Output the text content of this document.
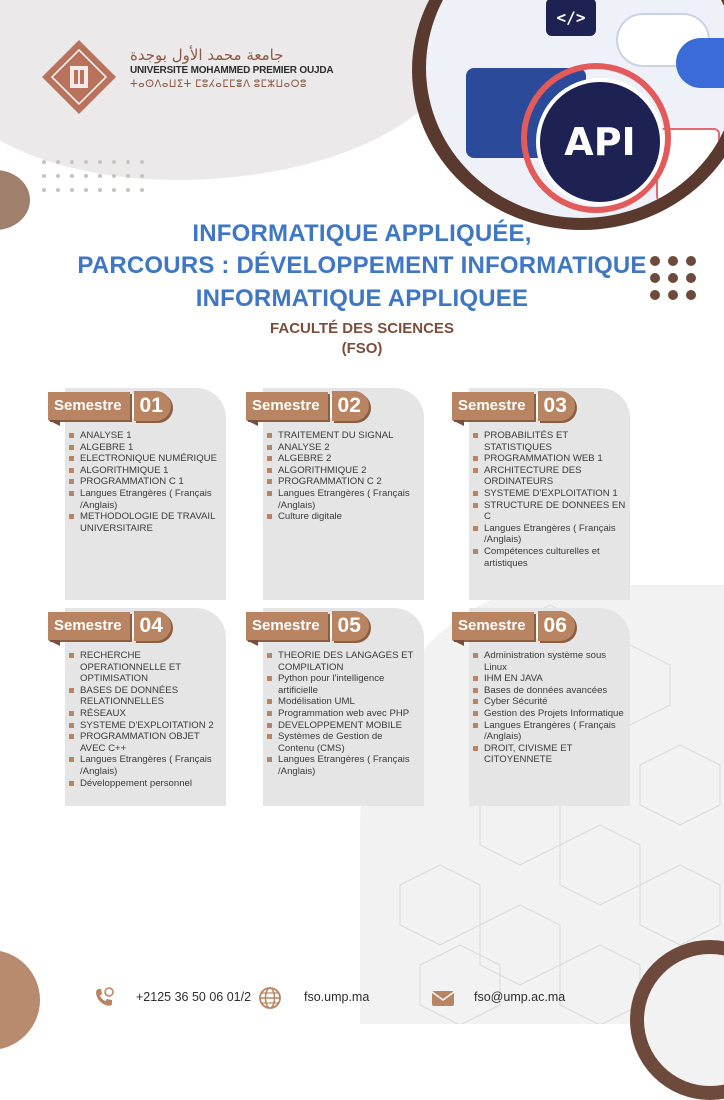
</>
API
جامعة محمد الأول بوجدة
UNIVERSITE MOHAMMED PREMIER OUJDA
ⵜⴰⵙⴷⴰⵡⵉⵜ ⵎⵓⵃⴰⵎⵎⴻⴷ ⵓⵎⵣⵡⴰⵔⵓ
INFORMATIQUE APPLIQUÉE,
PARCOURS : DÉVELOPPEMENT INFORMATIQUE
INFORMATIQUE APPLIQUEE
FACULTÉ DES SCIENCES
(FSO)
Semestre 01
ANALYSE 1
ALGEBRE 1
ELECTRONIQUE NUMÉRIQUE
ALGORITHMIQUE 1
PROGRAMMATION C 1
Langues Etrangères ( Français /Anglais)
METHODOLOGIE DE TRAVAIL UNIVERSITAIRE
Semestre 02
TRAITEMENT DU SIGNAL
ANALYSE 2
ALGEBRE 2
ALGORITHMIQUE 2
PROGRAMMATION C 2
Langues Etrangères ( Français /Anglais)
Culture digitale
Semestre 03
PROBABILITÉS ET STATISTIQUES
PROGRAMMATION WEB 1
ARCHITECTURE DES ORDINATEURS
SYSTEME D'EXPLOITATION 1
STRUCTURE DE DONNEES EN C
Langues Etrangères ( Français /Anglais)
Compétences culturelles et artistiques
Semestre 04
RECHERCHE OPERATIONNELLE ET OPTIMISATION
BASES DE DONNÉES RELATIONNELLES
RÉSEAUX
SYSTEME D'EXPLOITATION 2
PROGRAMMATION OBJET AVEC C++
Langues Etrangères ( Français /Anglais)
Développement personnel
Semestre 05
THEORIE DES LANGAGES ET COMPILATION
Python pour l'intelligence artificielle
Modélisation UML
Programmation web avec PHP
DEVELOPPEMENT MOBILE
Systèmes de Gestion de Contenu (CMS)
Langues Etrangères ( Français /Anglais)
Semestre 06
Administration système sous Linux
IHM EN JAVA
Bases de données avancées
Cyber Sécurité
Gestion des Projets Informatique
Langues Etrangères ( Français /Anglais)
DROIT, CIVISME ET CITOYENNETE
+2125 36 50 06 01/2	fso.ump.ma	fso@ump.ac.ma
